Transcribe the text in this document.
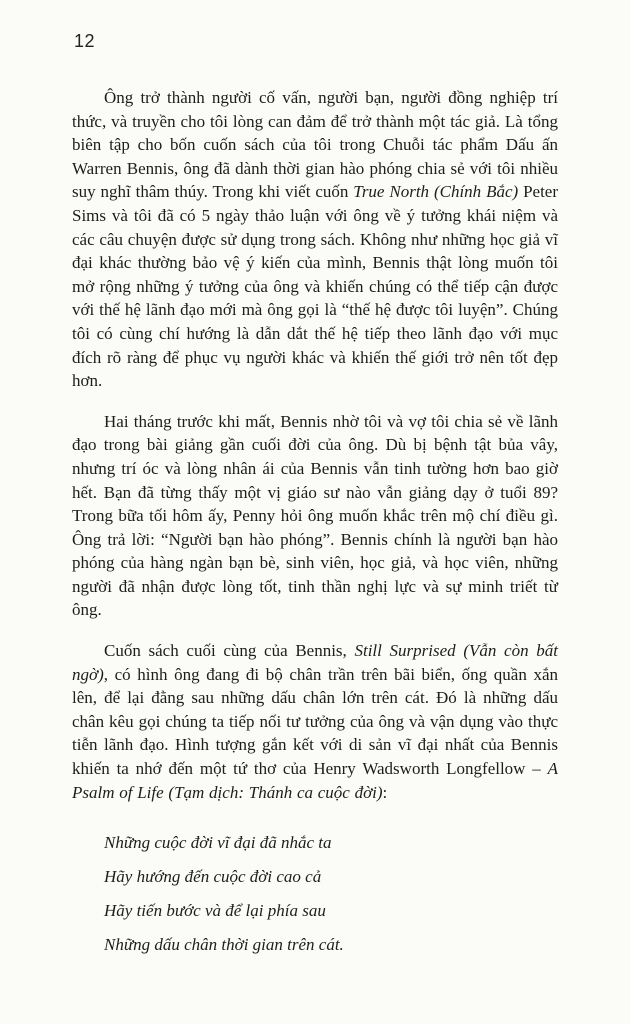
12

Ông trở thành người cố vấn, người bạn, người đồng nghiệp trí thức, và truyền cho tôi lòng can đảm để trở thành một tác giả. Là tổng biên tập cho bốn cuốn sách của tôi trong Chuỗi tác phẩm Dấu ấn Warren Bennis, ông đã dành thời gian hào phóng chia sẻ với tôi nhiều suy nghĩ thâm thúy. Trong khi viết cuốn True North (Chính Bắc) Peter Sims và tôi đã có 5 ngày thảo luận với ông về ý tưởng khái niệm và các câu chuyện được sử dụng trong sách. Không như những học giả vĩ đại khác thường bảo vệ ý kiến của mình, Bennis thật lòng muốn tôi mở rộng những ý tưởng của ông và khiến chúng có thể tiếp cận được với thế hệ lãnh đạo mới mà ông gọi là “thế hệ được tôi luyện”. Chúng tôi có cùng chí hướng là dẫn dắt thế hệ tiếp theo lãnh đạo với mục đích rõ ràng để phục vụ người khác và khiến thế giới trở nên tốt đẹp hơn.

Hai tháng trước khi mất, Bennis nhờ tôi và vợ tôi chia sẻ về lãnh đạo trong bài giảng gần cuối đời của ông. Dù bị bệnh tật bủa vây, nhưng trí óc và lòng nhân ái của Bennis vẫn tinh tường hơn bao giờ hết. Bạn đã từng thấy một vị giáo sư nào vẫn giảng dạy ở tuổi 89? Trong bữa tối hôm ấy, Penny hỏi ông muốn khắc trên mộ chí điều gì. Ông trả lời: “Người bạn hào phóng”. Bennis chính là người bạn hào phóng của hàng ngàn bạn bè, sinh viên, học giả, và học viên, những người đã nhận được lòng tốt, tinh thần nghị lực và sự minh triết từ ông.

Cuốn sách cuối cùng của Bennis, Still Surprised (Vẫn còn bất ngờ), có hình ông đang đi bộ chân trần trên bãi biển, ống quần xắn lên, để lại đằng sau những dấu chân lớn trên cát. Đó là những dấu chân kêu gọi chúng ta tiếp nối tư tưởng của ông và vận dụng vào thực tiễn lãnh đạo. Hình tượng gắn kết với di sản vĩ đại nhất của Bennis khiến ta nhớ đến một tứ thơ của Henry Wadsworth Longfellow – A Psalm of Life (Tạm dịch: Thánh ca cuộc đời):

Những cuộc đời vĩ đại đã nhắc ta

Hãy hướng đến cuộc đời cao cả

Hãy tiến bước và để lại phía sau

Những dấu chân thời gian trên cát.
